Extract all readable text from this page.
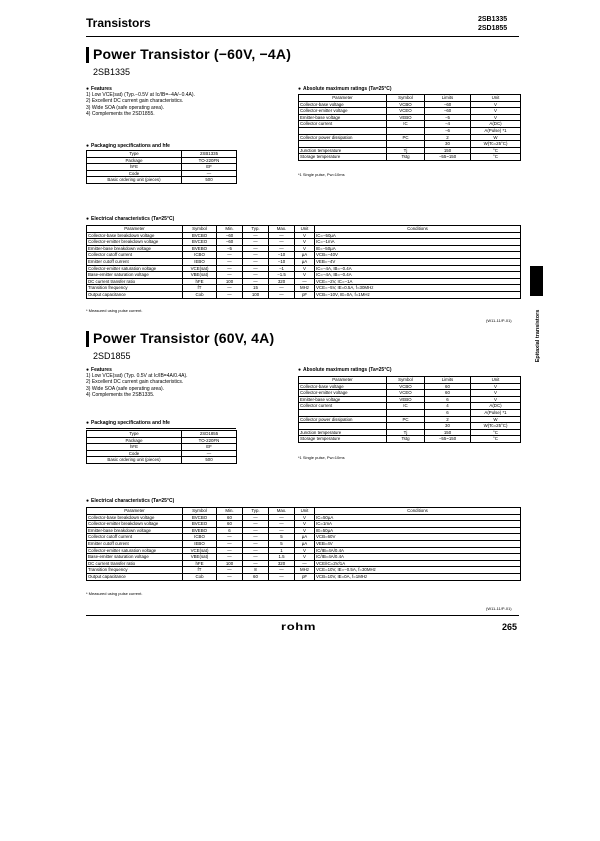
Transistors	2SB1335
2SD1855
Power Transistor (−60V, −4A)
2SB1335
● Features
1) Low VCE(sat) (Typ.−0.5V at Ic/IB=−4A/−0.4A).
2) Excellent DC current gain characteristics.
3) Wide SOA (safe operating area).
4) Complements the 2SD1855.
● Packaging specifications and hfe
Type	2SB1335
Package	TO-220FN
hFE	EF
Code	—
Basic ordering unit (pieces)	500
● Absolute maximum ratings (Ta=25°C)
Parameter	Symbol	Limits	Unit
Collector-base voltage	VCBO	−60	V
Collector-emitter voltage	VCEO	−60	V
Emitter-base voltage	VEBO	−5	V
Collector current	IC	−4	A(DC)
		−6	A(Pulse) *1
Collector power dissipation	PC	2	W
		30	W(Tc=25°C)
Junction temperature	Tj	150	°C
Storage temperature	Tstg	−55~150	°C
*1 Single pulse, Pw=10ms
● Electrical characteristics (Ta=25°C)
Parameter	Symbol	Min.	Typ.	Max.	Unit	Conditions
Collector-base breakdown voltage	BVCBO	−60	—	—	V	IC=−50µA
Collector-emitter breakdown voltage	BVCEO	−60	—	—	V	IC=−1mA
Emitter-base breakdown voltage	BVEBO	−5	—	—	V	IE=−50µA
Collector cutoff current	ICBO	—	—	−10	µA	VCB=−40V
Emitter cutoff current	IEBO	—	—	−10	µA	VEB=−4V
Collector-emitter saturation voltage	VCE(sat)	—	—	−1	V	IC=−4A, IB=−0.4A
Base-emitter saturation voltage	VBE(sat)	—	—	−1.5	V	IC=−4A, IB=−0.4A
DC current transfer ratio	hFE	100	—	320	—	VCE=−2V, IC=−1A
Transition frequency	fT	—	15	—	MHz	VCE=−5V, IE=0.5A, f=30MHz
Output capacitance	Cob	—	100	—	pF	VCB=−10V, IE=0A, f=1MHz
* Measured using pulse current.
(W11-11/P-01)	Epitaxial transistors
Power Transistor (60V, 4A)
2SD1855
● Features
1) Low VCE(sat) (Typ. 0.5V at Ic/IB=4A/0.4A).
2) Excellent DC current gain characteristics.
3) Wide SOA (safe operating area).
4) Complements the 2SB1335.
● Packaging specifications and hfe
Type	2SD1855
Package	TO-220FN
hFE	EF
Code	—
Basic ordering unit (pieces)	500
● Absolute maximum ratings (Ta=25°C)
Parameter	Symbol	Limits	Unit
Collector-base voltage	VCBO	60	V
Collector-emitter voltage	VCEO	60	V
Emitter-base voltage	VEBO	6	V
Collector current	IC	4	A(DC)
		6	A(Pulse) *1
Collector power dissipation	PC	2	W
		30	W(Tc=25°C)
Junction temperature	Tj	150	°C
Storage temperature	Tstg	−55~150	°C
*1 Single pulse, Pw=10ms
● Electrical characteristics (Ta=25°C)
Parameter	Symbol	Min.	Typ.	Max.	Unit	Conditions
Collector-base breakdown voltage	BVCBO	60	—	—	V	IC=50µA
Collector-emitter breakdown voltage	BVCEO	60	—	—	V	IC=1mA
Emitter-base breakdown voltage	BVEBO	6	—	—	V	IE=50µA
Collector cutoff current	ICBO	—	—	5	µA	VCB=60V
Emitter cutoff current	IEBO	—	—	5	µA	VEB=4V
Collector-emitter saturation voltage	VCE(sat)	—	—	1	V	IC/IB=4A/0.4A
Base-emitter saturation voltage	VBE(sat)	—	—	1.5	V	IC/IB=4A/0.4A
DC current transfer ratio	hFE	100	—	320	—	VCE/IC=2V/1A
Transition frequency	fT	—	8	—	MHz	VCE=10V, IE=−0.5A, f=30MHz
Output capacitance	Cob	—	60	—	pF	VCB=10V, IE=0A, f=1MHz
* Measured using pulse current.
(W11-11/P-01)
rohm	265
